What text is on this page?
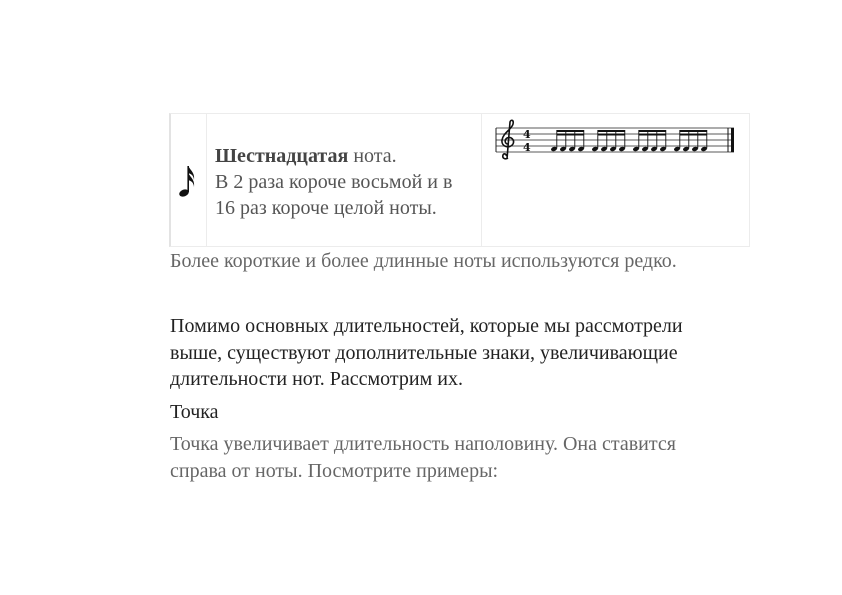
Шестнадцатая нота.
В 2 раза короче восьмой и в 16 раз короче целой ноты.
4
4

Более короткие и более длинные ноты используются редко.

Помимо основных длительностей, которые мы рассмотрели выше, существуют дополнительные знаки, увеличивающие длительности нот. Рассмотрим их.

Точка

Точка увеличивает длительность наполовину. Она ставится справа от ноты. Посмотрите примеры:
